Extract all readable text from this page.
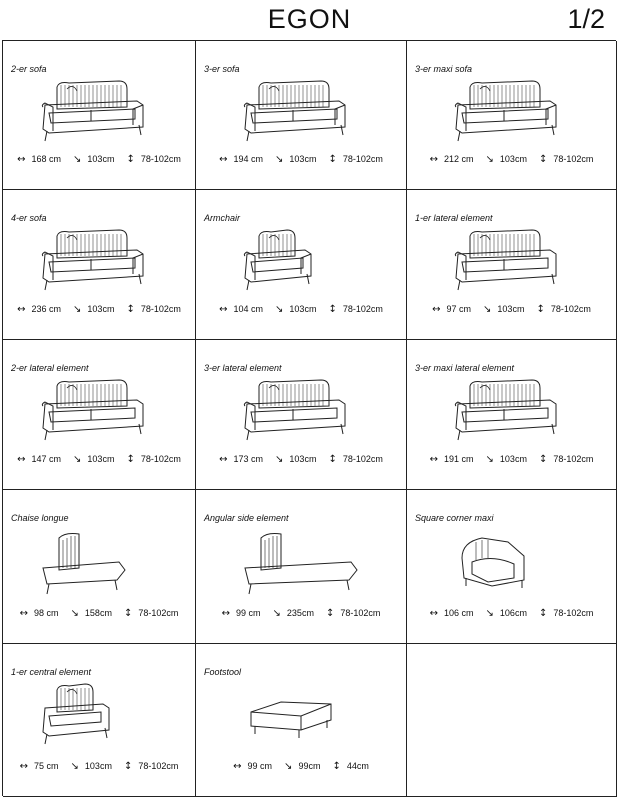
EGON	1/2
2-er sofa
↔ 168 cm ↘ 103cm ↕ 78-102cm
3-er sofa
↔ 194 cm ↘ 103cm ↕ 78-102cm
3-er maxi sofa
↔ 212 cm ↘ 103cm ↕ 78-102cm
4-er sofa
↔ 236 cm ↘ 103cm ↕ 78-102cm
Armchair
↔ 104 cm ↘ 103cm ↕ 78-102cm
1-er lateral element
↔ 97 cm ↘ 103cm ↕ 78-102cm
2-er lateral element
↔ 147 cm ↘ 103cm ↕ 78-102cm
3-er lateral element
↔ 173 cm ↘ 103cm ↕ 78-102cm
3-er maxi lateral element
↔ 191 cm ↘ 103cm ↕ 78-102cm
Chaise longue
↔ 98 cm ↘ 158cm ↕ 78-102cm
Angular side element
↔ 99 cm ↘ 235cm ↕ 78-102cm
Square corner maxi
↔ 106 cm ↘ 106cm ↕ 78-102cm
1-er central element
↔ 75 cm ↘ 103cm ↕ 78-102cm
Footstool
↔ 99 cm ↘ 99cm ↕ 44cm
